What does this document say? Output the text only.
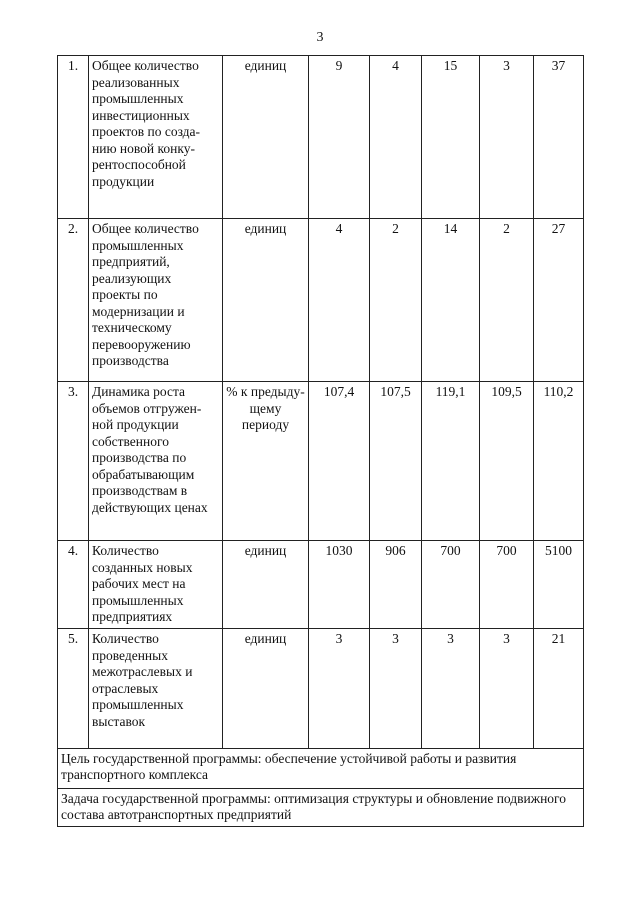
3
1.	Общее количество реализованных промышленных инвестиционных проектов по созда-нию новой конку-рентоспособной продукции	единиц	9	4	15	3	37
2.	Общее количество промышленных предприятий, реализующих проекты по модернизации и техническому перевооружению производства	единиц	4	2	14	2	27
3.	Динамика роста объемов отгружен-ной продукции собственного производства по обрабатывающим производствам в действующих ценах	% к предыду-щему периоду	107,4	107,5	119,1	109,5	110,2
4.	Количество созданных новых рабочих мест на промышленных предприятиях	единиц	1030	906	700	700	5100
5.	Количество проведенных межотраслевых и отраслевых промышленных выставок	единиц	3	3	3	3	21
Цель государственной программы: обеспечение устойчивой работы и развития транспортного комплекса							
Задача государственной программы: оптимизация структуры и обновление подвижного состава автотранспортных предприятий							
